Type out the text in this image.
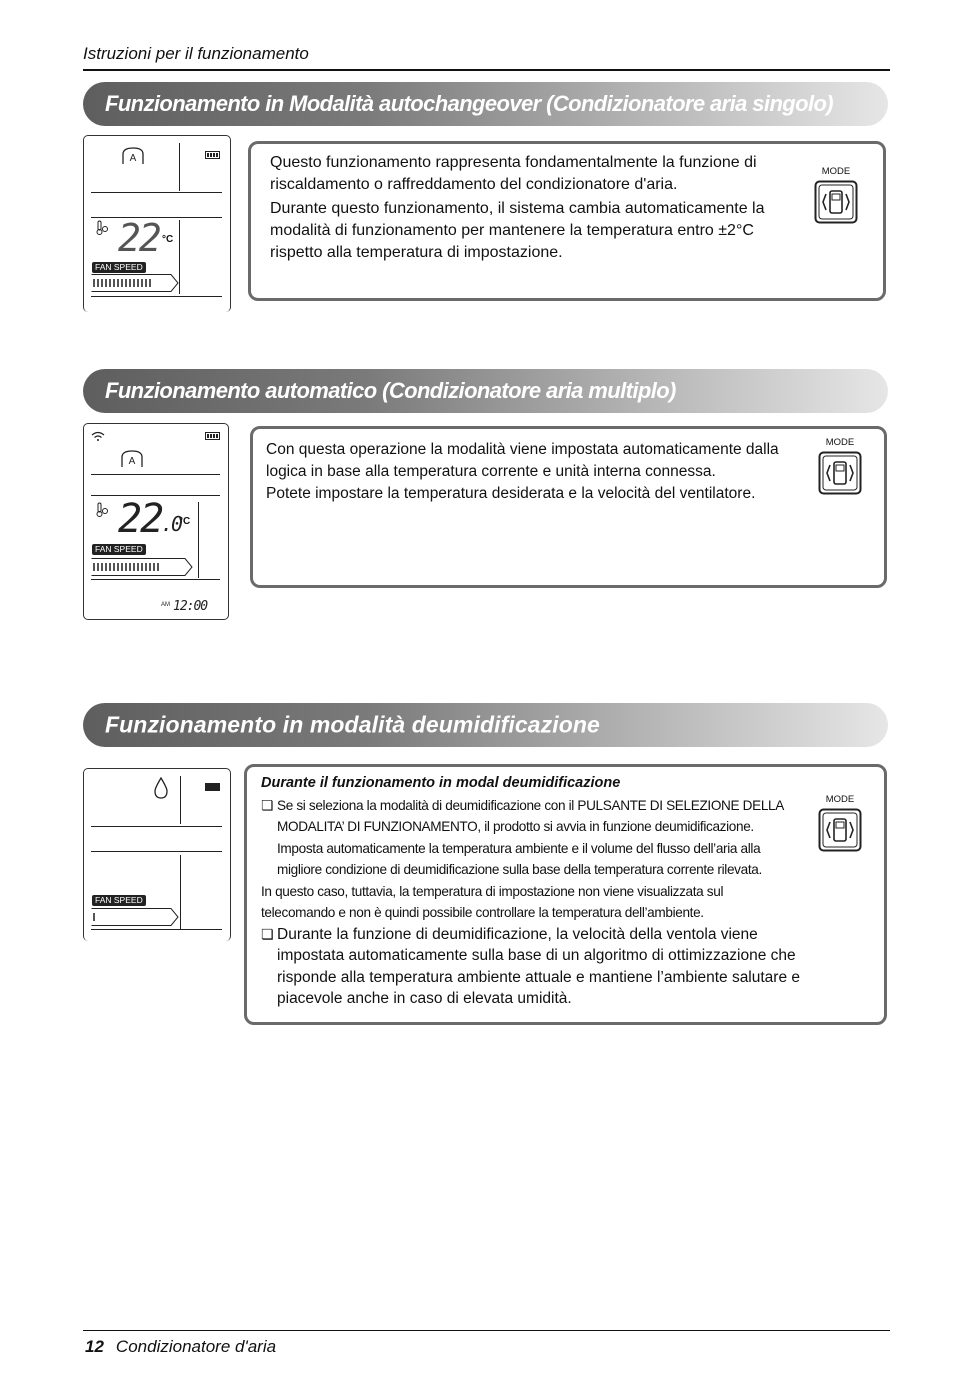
Istruzioni per il funzionamento
Funzionamento in Modalità autochangeover (Condizionatore aria singolo)
A
22 °C
FAN SPEED

Questo funzionamento rappresenta fondamentalmente la funzione di riscaldamento o raffreddamento del condizionatore d'aria.

Durante questo funzionamento, il sistema cambia automaticamente la modalità di funzionamento per mantenere la temperatura entro ±2°C rispetto alla temperatura di impostazione.

MODE
Funzionamento automatico (Condizionatore aria multiplo)
A
22
.0
°C
FAN SPEED
AM 12:00

Con questa operazione la modalità viene impostata automaticamente dalla logica in base alla temperatura corrente e unità interna connessa.

Potete impostare la temperatura desiderata e la velocità del ventilatore.

MODE
Funzionamento in modalità deumidificazione
FAN SPEED
Durante il funzionamento in modal deumidificazione
❏ Se si seleziona la modalità di deumidificazione con il PULSANTE DI SELEZIONE DELLA
MODALITA’ DI FUNZIONAMENTO, il prodotto si avvia in funzione deumidificazione.
Imposta automaticamente la temperatura ambiente e il volume del flusso dell’aria alla
migliore condizione di deumidificazione sulla base della temperatura corrente rilevata.
In questo caso, tuttavia, la temperatura di impostazione non viene visualizzata sul
telecomando e non è quindi possibile controllare la temperatura dell’ambiente.
❏ Durante la funzione di deumidificazione, la velocità della ventola viene
impostata automaticamente sulla base di un algoritmo di ottimizzazione che
risponde alla temperatura ambiente attuale e mantiene l’ambiente salutare e
piacevole anche in caso di elevata umidità.
MODE
12 Condizionatore d'aria
